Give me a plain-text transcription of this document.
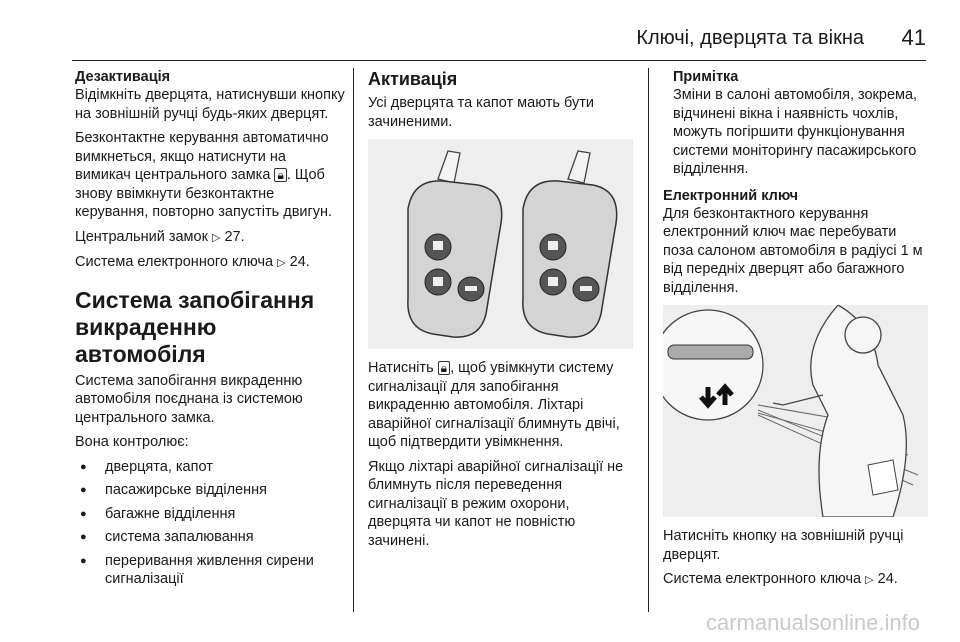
Ключі, дверцята та вікна 41
Дезактивація

Відімкніть дверцята, натиснувши кнопку на зовнішній ручці будь-яких дверцят.

Безконтактне керування автоматично вимкнеться, якщо натиснути на вимикач центрального замка 🔒︎ . Щоб знову ввімкнути безконтактне керування, повторно запустіть двигун.

Центральний замок ▷ 27.

Система електронного ключа ▷ 24.

Система запобігання викраденню автомобіля

Система запобігання викраденню автомобіля поєднана із системою центрального замка.

Вона контролює:

● дверцята, капот
● пасажирське відділення
● багажне відділення
● система запалювання
● переривання живлення сирени сигналізації
Активація

Усі дверцята та капот мають бути зачиненими.

Натисніть 🔒︎ , щоб увімкнути систему сигналізації для запобігання викраденню автомобіля. Ліхтарі аварійної сигналізації блимнуть двічі, щоб підтвердити увімкнення.

Якщо ліхтарі аварійної сигналізації не блимнуть після переведення сигналізації в режим охорони, дверцята чи капот не повністю зачинені.

Примітка

Зміни в салоні автомобіля, зокрема, відчинені вікна і наявність чохлів, можуть погіршити функціонування системи моніторингу пасажирського відділення.

Електронний ключ

Для безконтактного керування електронний ключ має перебувати поза салоном автомобіля в радіусі 1 м від передніх дверцят або багажного відділення.

Натисніть кнопку на зовнішній ручці дверцят.

Система електронного ключа ▷ 24.

carmanualsonline.info
